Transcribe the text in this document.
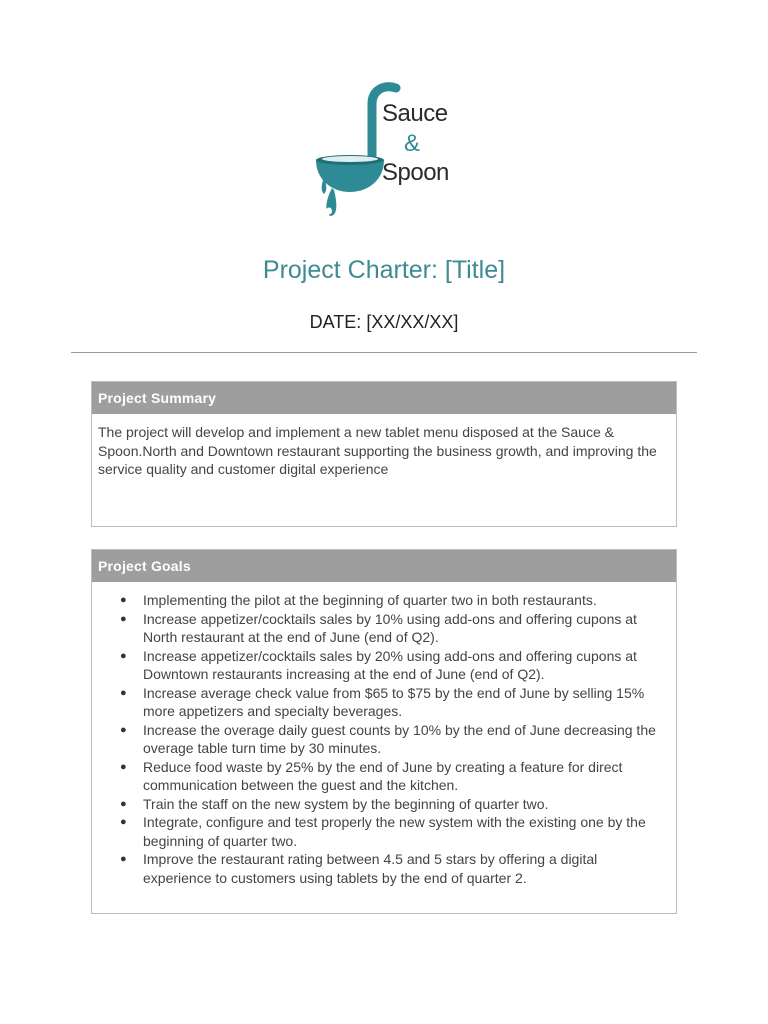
Sauce
&
Spoon
Project Charter: [Title]
DATE: [XX/XX/XX]
Project Summary
The project will develop and implement a new tablet menu disposed at the Sauce & Spoon.North and Downtown restaurant supporting the business growth, and improving the service quality and customer digital experience
Project Goals
● Implementing the pilot at the beginning of quarter two in both restaurants.
● Increase appetizer/cocktails sales by 10% using add-ons and offering cupons at North restaurant at the end of June (end of Q2).
● Increase appetizer/cocktails sales by 20% using add-ons and offering cupons at Downtown restaurants increasing at the end of June (end of Q2).
● Increase average check value from $65 to $75 by the end of June by selling 15% more appetizers and specialty beverages.
● Increase the overage daily guest counts by 10% by the end of June decreasing the overage table turn time by 30 minutes.
● Reduce food waste by 25% by the end of June by creating a feature for direct communication between the guest and the kitchen.
● Train the staff on the new system by the beginning of quarter two.
● Integrate, configure and test properly the new system with the existing one by the beginning of quarter two.
● Improve the restaurant rating between 4.5 and 5 stars by offering a digital experience to customers using tablets by the end of quarter 2.
